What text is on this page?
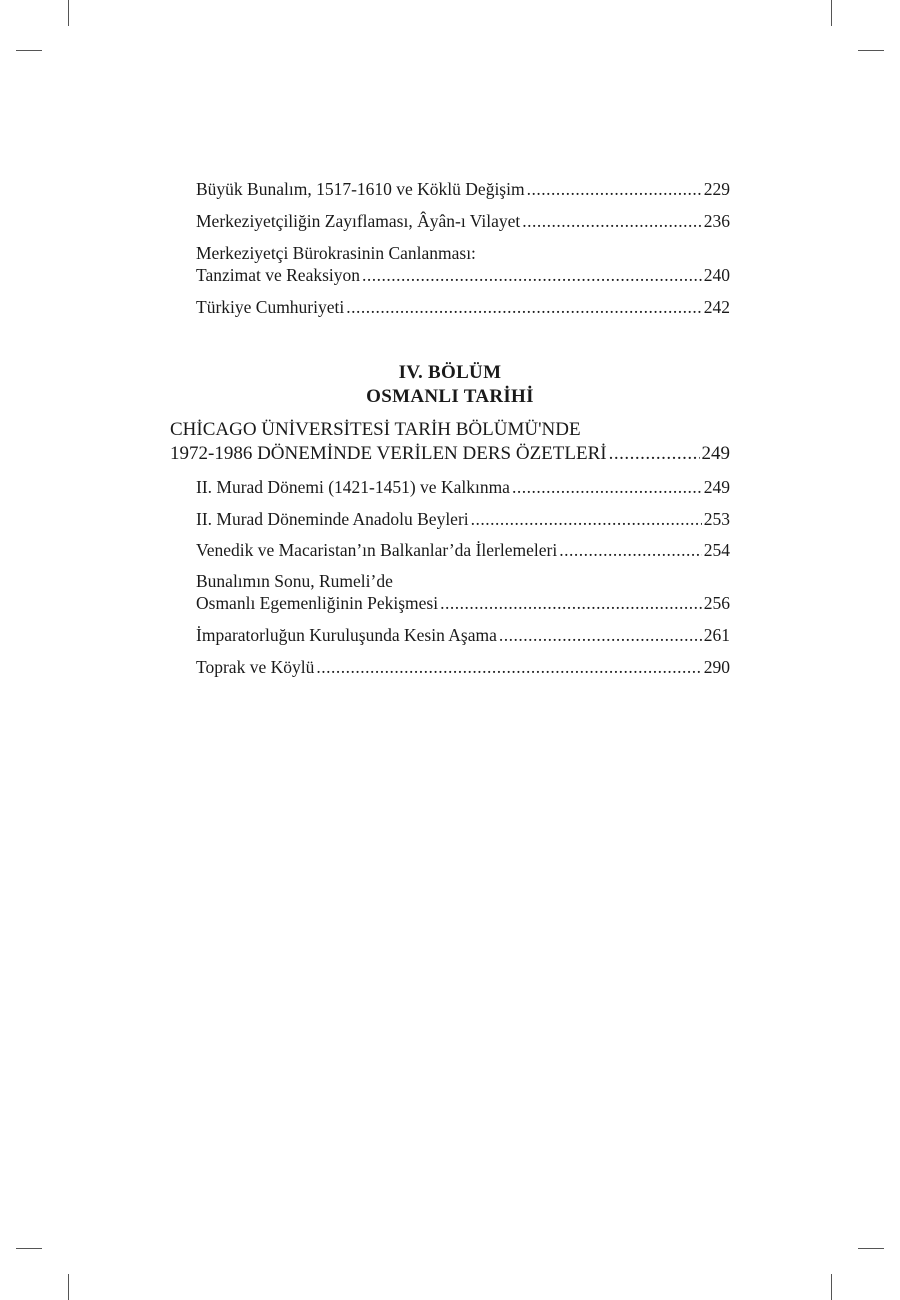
Büyük Bunalım, 1517-1610 ve Köklü Değişim .....	229
Merkeziyetçiliğin Zayıflaması, Âyân-ı Vilayet .....	236
Merkeziyetçi Bürokrasinin Canlanması:
Tanzimat ve Reaksiyon .....	240
Türkiye Cumhuriyeti .....	242
IV. BÖLÜM
OSMANLI TARİHİ
CHİCAGO ÜNİVERSİTESİ TARİH BÖLÜMÜ'NDE
1972-1986 DÖNEMİNDE VERİLEN DERS ÖZETLERİ .....	249
II. Murad Dönemi (1421-1451) ve Kalkınma .....	249
II. Murad Döneminde Anadolu Beyleri .....	253
Venedik ve Macaristan’ın Balkanlar’da İlerlemeleri .....	254
Bunalımın Sonu, Rumeli’de
Osmanlı Egemenliğinin Pekişmesi .....	256
İmparatorluğun Kuruluşunda Kesin Aşama .....	261
Toprak ve Köylü .....	290
